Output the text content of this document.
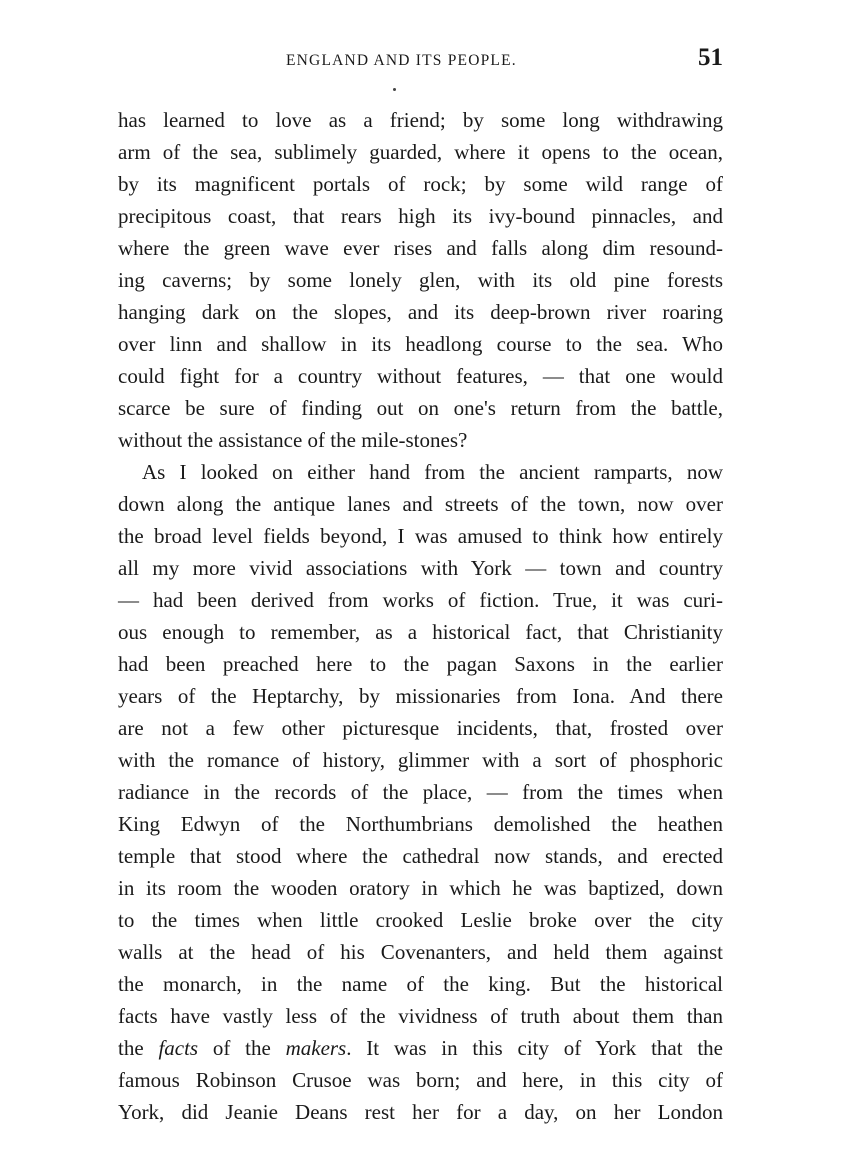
ENGLAND AND ITS PEOPLE.	51
has learned to love as a friend; by some long withdrawing
arm of the sea, sublimely guarded, where it opens to the ocean,
by its magnificent portals of rock; by some wild range of
precipitous coast, that rears high its ivy-bound pinnacles, and
where the green wave ever rises and falls along dim resound-
ing caverns; by some lonely glen, with its old pine forests
hanging dark on the slopes, and its deep-brown river roaring
over linn and shallow in its headlong course to the sea. Who
could fight for a country without features, — that one would
scarce be sure of finding out on one's return from the battle,
without the assistance of the mile-stones?
As I looked on either hand from the ancient ramparts, now
down along the antique lanes and streets of the town, now over
the broad level fields beyond, I was amused to think how entirely
all my more vivid associations with York — town and country
— had been derived from works of fiction. True, it was curi-
ous enough to remember, as a historical fact, that Christianity
had been preached here to the pagan Saxons in the earlier
years of the Heptarchy, by missionaries from Iona. And there
are not a few other picturesque incidents, that, frosted over
with the romance of history, glimmer with a sort of phosphoric
radiance in the records of the place, — from the times when
King Edwyn of the Northumbrians demolished the heathen
temple that stood where the cathedral now stands, and erected
in its room the wooden oratory in which he was baptized, down
to the times when little crooked Leslie broke over the city
walls at the head of his Covenanters, and held them against
the monarch, in the name of the king. But the historical
facts have vastly less of the vividness of truth about them than
the facts of the makers. It was in this city of York that the
famous Robinson Crusoe was born; and here, in this city of
York, did Jeanie Deans rest her for a day, on her London
